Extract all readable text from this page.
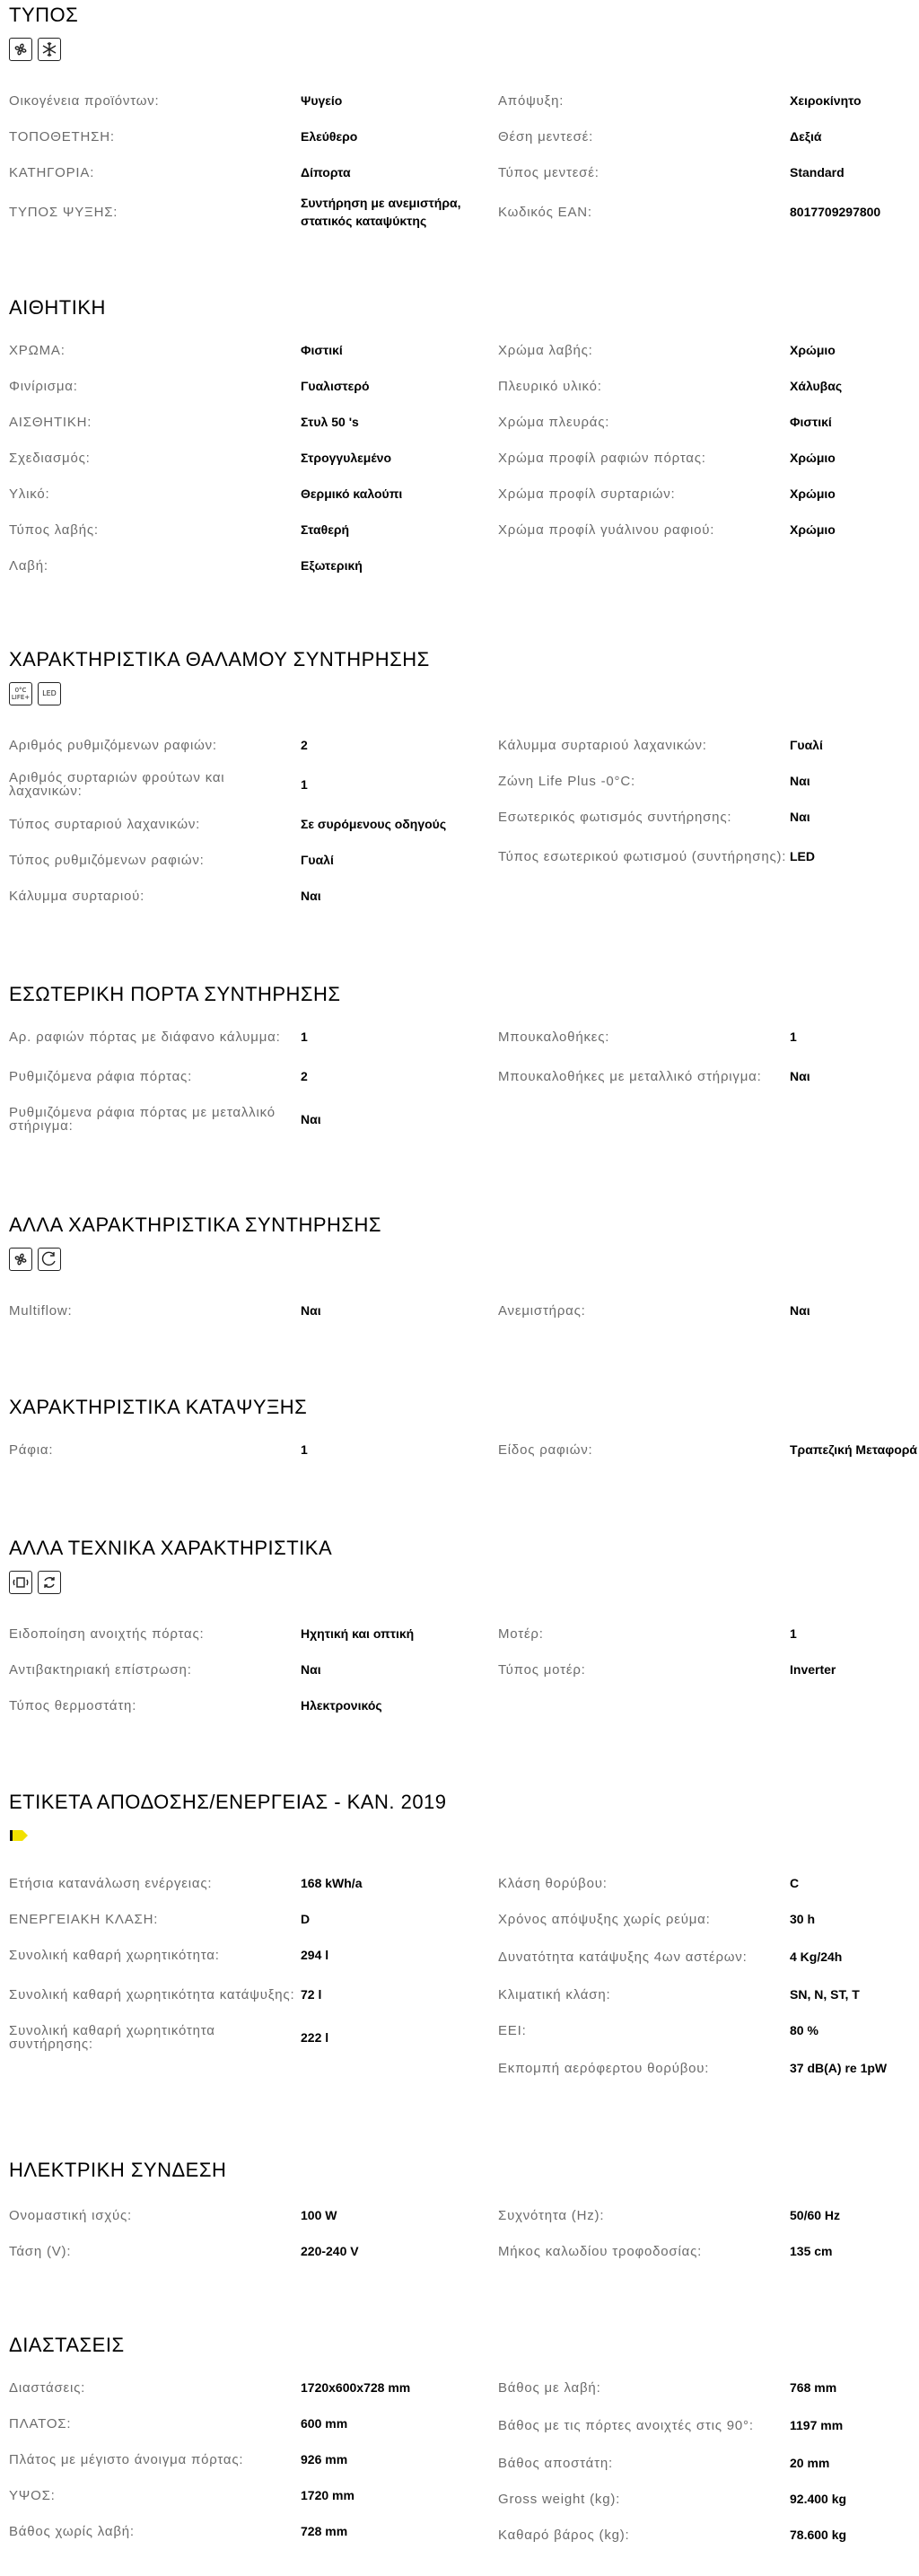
ΤΥΠΟΣ
Οικογένεια προϊόντων:	Ψυγείο
ΤΟΠΟΘΕΤΗΣΗ:	Ελεύθερο
ΚΑΤΗΓΟΡΙΑ:	Δίπορτα
ΤΥΠΟΣ ΨΥΞΗΣ:
Συντήρηση με ανεμιστήρα, στατικός καταψύκτης
Απόψυξη:	Χειροκίνητο
Θέση μεντεσέ:	Δεξιά
Τύπος μεντεσέ:	Standard
Κωδικός EAN:	8017709297800
ΑΙΘΗΤΙΚΗ
ΧΡΩΜΑ:	Φιστικί
Φινίρισμα:	Γυαλιστερό
ΑΙΣΘΗΤΙΚΗ:	Στυλ 50 's
Σχεδιασμός:	Στρογγυλεμένο
Υλικό:	Θερμικό καλούπι
Τύπος λαβής:	Σταθερή
Λαβή:	Εξωτερική
Χρώμα λαβής:	Χρώμιο
Πλευρικό υλικό:	Χάλυβας
Χρώμα πλευράς:	Φιστικί
Χρώμα προφίλ ραφιών πόρτας:	Χρώμιο
Χρώμα προφίλ συρταριών:	Χρώμιο
Χρώμα προφίλ γυάλινου ραφιού:	Χρώμιο
ΧΑΡΑΚΤΗΡΙΣΤΙΚΑ ΘΑΛΑΜΟΥ ΣΥΝΤΗΡΗΣΗΣ
0°C
LIFE+ LED
Αριθμός ρυθμιζόμενων ραφιών:	2
Αριθμός συρταριών φρούτων και λαχανικών:	1
Τύπος συρταριού λαχανικών:	Σε συρόμενους οδηγούς
Τύπος ρυθμιζόμενων ραφιών:	Γυαλί
Κάλυμμα συρταριού:	Ναι
Κάλυμμα συρταριού λαχανικών:	Γυαλί
Ζώνη Life Plus -0°C:	Ναι
Εσωτερικός φωτισμός συντήρησης:	Ναι
Τύπος εσωτερικού φωτισμού (συντήρησης): LED
ΕΣΩΤΕΡΙΚΗ ΠΟΡΤΑ ΣΥΝΤΗΡΗΣΗΣ
Αρ. ραφιών πόρτας με διάφανο κάλυμμα:	1
Ρυθμιζόμενα ράφια πόρτας:	2
Ρυθμιζόμενα ράφια πόρτας με μεταλλικό στήριγμα:	Ναι
Μπουκαλοθήκες:	1
Μπουκαλοθήκες με μεταλλικό στήριγμα:	Ναι
ΑΛΛΑ ΧΑΡΑΚΤΗΡΙΣΤΙΚΑ ΣΥΝΤΗΡΗΣΗΣ
Multiflow:	Ναι	Ανεμιστήρας:	Ναι
ΧΑΡΑΚΤΗΡΙΣΤΙΚΑ ΚΑΤΑΨΥΞΗΣ
Ράφια:	1	Είδος ραφιών:	Τραπεζική Μεταφορά
ΑΛΛΑ ΤΕΧΝΙΚΑ ΧΑΡΑΚΤΗΡΙΣΤΙΚΑ
Ειδοποίηση ανοιχτής πόρτας:	Ηχητική και οπτική
Αντιβακτηριακή επίστρωση:	Ναι
Τύπος θερμοστάτη:	Ηλεκτρονικός
Μοτέρ:	1
Τύπος μοτέρ:	Inverter
ΕΤΙΚΕΤΑ ΑΠΟΔΟΣΗΣ/ΕΝΕΡΓΕΙΑΣ - ΚΑΝ. 2019
Ετήσια κατανάλωση ενέργειας:	168 kWh/a
ΕΝΕΡΓΕΙΑΚΗ ΚΛΑΣΗ:	D
Συνολική καθαρή χωρητικότητα:	294 l
Συνολική καθαρή χωρητικότητα κατάψυξης: 72 l
Συνολική καθαρή χωρητικότητα συντήρησης:	222 l
Κλάση θορύβου:	C
Χρόνος απόψυξης χωρίς ρεύμα:	30 h
Δυνατότητα κατάψυξης 4ων αστέρων:	4 Kg/24h
Κλιματική κλάση:	SN, N, ST, T
EEI:	80 %
Εκπομπή αερόφερτου θορύβου:	37 dB(A) re 1pW
ΗΛΕΚΤΡΙΚΗ ΣΥΝΔΕΣΗ
Ονομαστική ισχύς:	100 W
Τάση (V):	220-240 V
Συχνότητα (Hz):	50/60 Hz
Μήκος καλωδίου τροφοδοσίας:	135 cm
ΔΙΑΣΤΑΣΕΙΣ
Διαστάσεις:	1720x600x728 mm
ΠΛΑΤΟΣ:	600 mm
Πλάτος με μέγιστο άνοιγμα πόρτας:	926 mm
ΥΨΟΣ:	1720 mm
Βάθος χωρίς λαβή:	728 mm
Βάθος με λαβή:	768 mm
Βάθος με τις πόρτες ανοιχτές στις 90°:	1197 mm
Βάθος αποστάτη:	20 mm
Gross weight (kg):	92.400 kg
Καθαρό βάρος (kg):	78.600 kg
